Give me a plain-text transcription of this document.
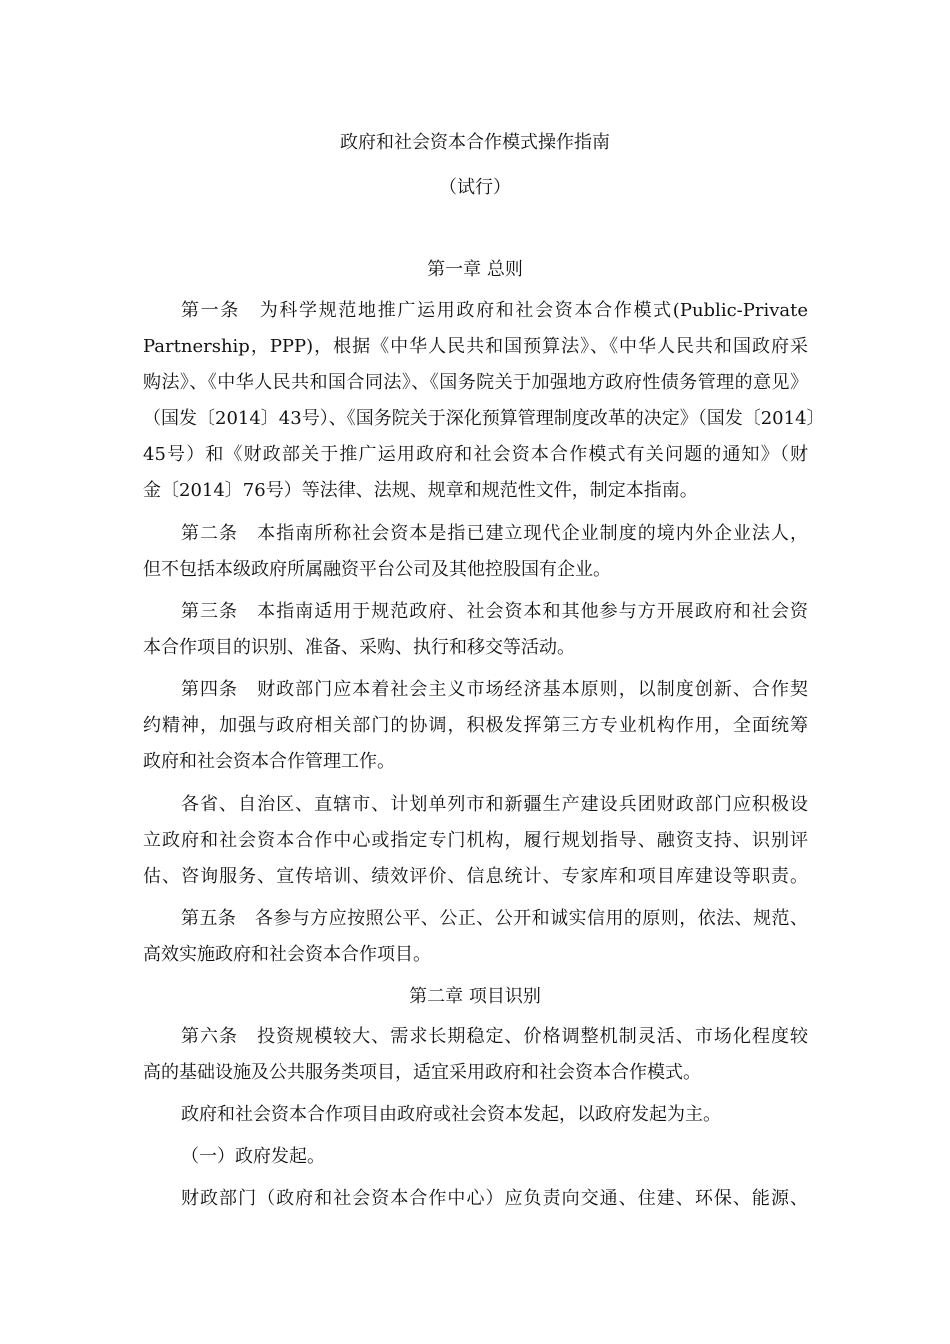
政府和社会资本合作模式操作指南
（试行）
第一章 总则
第一条　为科学规范地推广运用政府和社会资本合作模式(Public-Private
Partnership，PPP)，根据《中华人民共和国预算法》、《中华人民共和国政府采
购法》、《中华人民共和国合同法》、《国务院关于加强地方政府性债务管理的意见》
（国发〔2014〕43号）、《国务院关于深化预算管理制度改革的决定》（国发〔2014〕
45号）和《财政部关于推广运用政府和社会资本合作模式有关问题的通知》（财
金〔2014〕76号）等法律、法规、规章和规范性文件，制定本指南。
第二条　本指南所称社会资本是指已建立现代企业制度的境内外企业法人，
但不包括本级政府所属融资平台公司及其他控股国有企业。
第三条　本指南适用于规范政府、社会资本和其他参与方开展政府和社会资
本合作项目的识别、准备、采购、执行和移交等活动。
第四条　财政部门应本着社会主义市场经济基本原则，以制度创新、合作契
约精神，加强与政府相关部门的协调，积极发挥第三方专业机构作用，全面统筹
政府和社会资本合作管理工作。
各省、自治区、直辖市、计划单列市和新疆生产建设兵团财政部门应积极设
立政府和社会资本合作中心或指定专门机构，履行规划指导、融资支持、识别评
估、咨询服务、宣传培训、绩效评价、信息统计、专家库和项目库建设等职责。
第五条　各参与方应按照公平、公正、公开和诚实信用的原则，依法、规范、
高效实施政府和社会资本合作项目。
第二章 项目识别
第六条　投资规模较大、需求长期稳定、价格调整机制灵活、市场化程度较
高的基础设施及公共服务类项目，适宜采用政府和社会资本合作模式。
政府和社会资本合作项目由政府或社会资本发起，以政府发起为主。
（一）政府发起。
财政部门（政府和社会资本合作中心）应负责向交通、住建、环保、能源、
